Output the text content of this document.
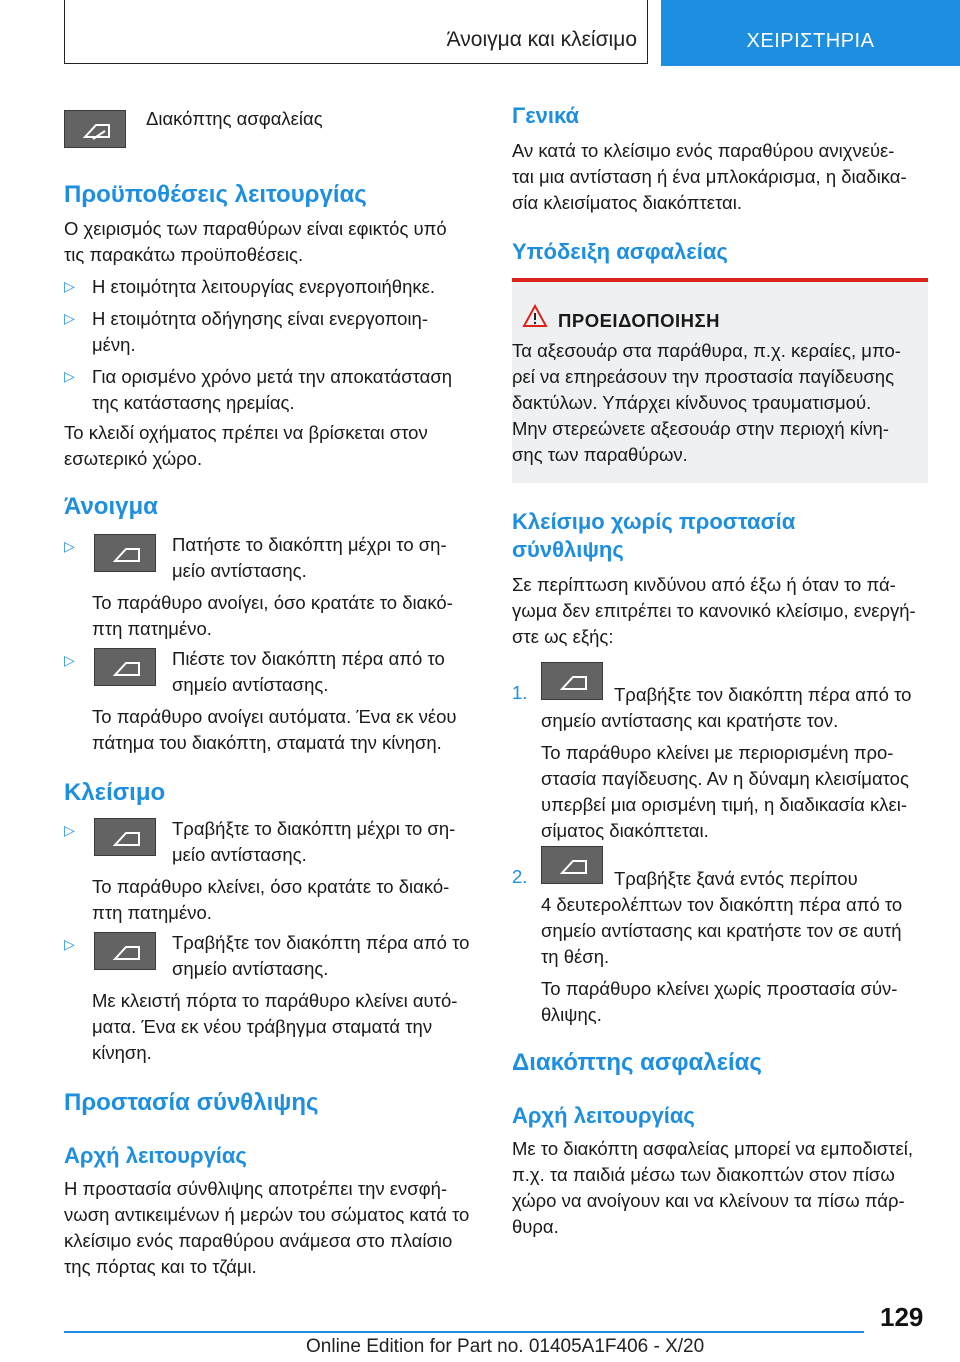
Άνοιγμα και κλείσιμο	ΧΕΙΡΙΣΤΗΡΙΑ

Διακόπτης ασφαλείας

Προϋποθέσεις λειτουργίας

Ο χειρισμός των παραθύρων είναι εφικτός υπό

τις παρακάτω προϋποθέσεις.

▷ Η ετοιμότητα λειτουργίας ενεργοποιήθηκε.

▷ Η ετοιμότητα οδήγησης είναι ενεργοποιη-

μένη.

▷ Για ορισμένο χρόνο μετά την αποκατάσταση

της κατάστασης ηρεμίας.

Το κλειδί οχήματος πρέπει να βρίσκεται στον

εσωτερικό χώρο.

Άνοιγμα

▷	Πατήστε το διακόπτη μέχρι το ση-

μείο αντίστασης.

Το παράθυρο ανοίγει, όσο κρατάτε το διακό-

πτη πατημένο.

▷	Πιέστε τον διακόπτη πέρα από το

σημείο αντίστασης.

Το παράθυρο ανοίγει αυτόματα. Ένα εκ νέου

πάτημα του διακόπτη, σταματά την κίνηση.

Κλείσιμο

▷	Τραβήξτε το διακόπτη μέχρι το ση-

μείο αντίστασης.

Το παράθυρο κλείνει, όσο κρατάτε το διακό-

πτη πατημένο.

▷	Τραβήξτε τον διακόπτη πέρα από το

σημείο αντίστασης.

Με κλειστή πόρτα το παράθυρο κλείνει αυτό-

ματα. Ένα εκ νέου τράβηγμα σταματά την

κίνηση.

Προστασία σύνθλιψης

Αρχή λειτουργίας

Η προστασία σύνθλιψης αποτρέπει την ενσφή-

νωση αντικειμένων ή μερών του σώματος κατά το

κλείσιμο ενός παραθύρου ανάμεσα στο πλαίσιο

της πόρτας και το τζάμι.

Γενικά

Αν κατά το κλείσιμο ενός παραθύρου ανιχνεύε-

ται μια αντίσταση ή ένα μπλοκάρισμα, η διαδικα-

σία κλεισίματος διακόπτεται.

Υπόδειξη ασφαλείας

ΠΡΟΕΙΔΟΠΟΙΗΣΗ

Τα αξεσουάρ στα παράθυρα, π.χ. κεραίες, μπο-

ρεί να επηρεάσουν την προστασία παγίδευσης

δακτύλων. Υπάρχει κίνδυνος τραυματισμού.

Μην στερεώνετε αξεσουάρ στην περιοχή κίνη-

σης των παραθύρων.

Κλείσιμο χωρίς προστασία

σύνθλιψης

Σε περίπτωση κινδύνου από έξω ή όταν το πά-

γωμα δεν επιτρέπει το κανονικό κλείσιμο, ενεργή-

στε ως εξής:

1.	Τραβήξτε τον διακόπτη πέρα από το

σημείο αντίστασης και κρατήστε τον.

Το παράθυρο κλείνει με περιορισμένη προ-

στασία παγίδευσης. Αν η δύναμη κλεισίματος

υπερβεί μια ορισμένη τιμή, η διαδικασία κλει-

σίματος διακόπτεται.

2.	Τραβήξτε ξανά εντός περίπου

4 δευτερολέπτων τον διακόπτη πέρα από το

σημείο αντίστασης και κρατήστε τον σε αυτή

τη θέση.

Το παράθυρο κλείνει χωρίς προστασία σύν-

θλιψης.

Διακόπτης ασφαλείας

Αρχή λειτουργίας

Με το διακόπτη ασφαλείας μπορεί να εμποδιστεί,

π.χ. τα παιδιά μέσω των διακοπτών στον πίσω

χώρο να ανοίγουν και να κλείνουν τα πίσω πάρ-

θυρα.

129
Online Edition for Part no. 01405A1F406 - X/20
